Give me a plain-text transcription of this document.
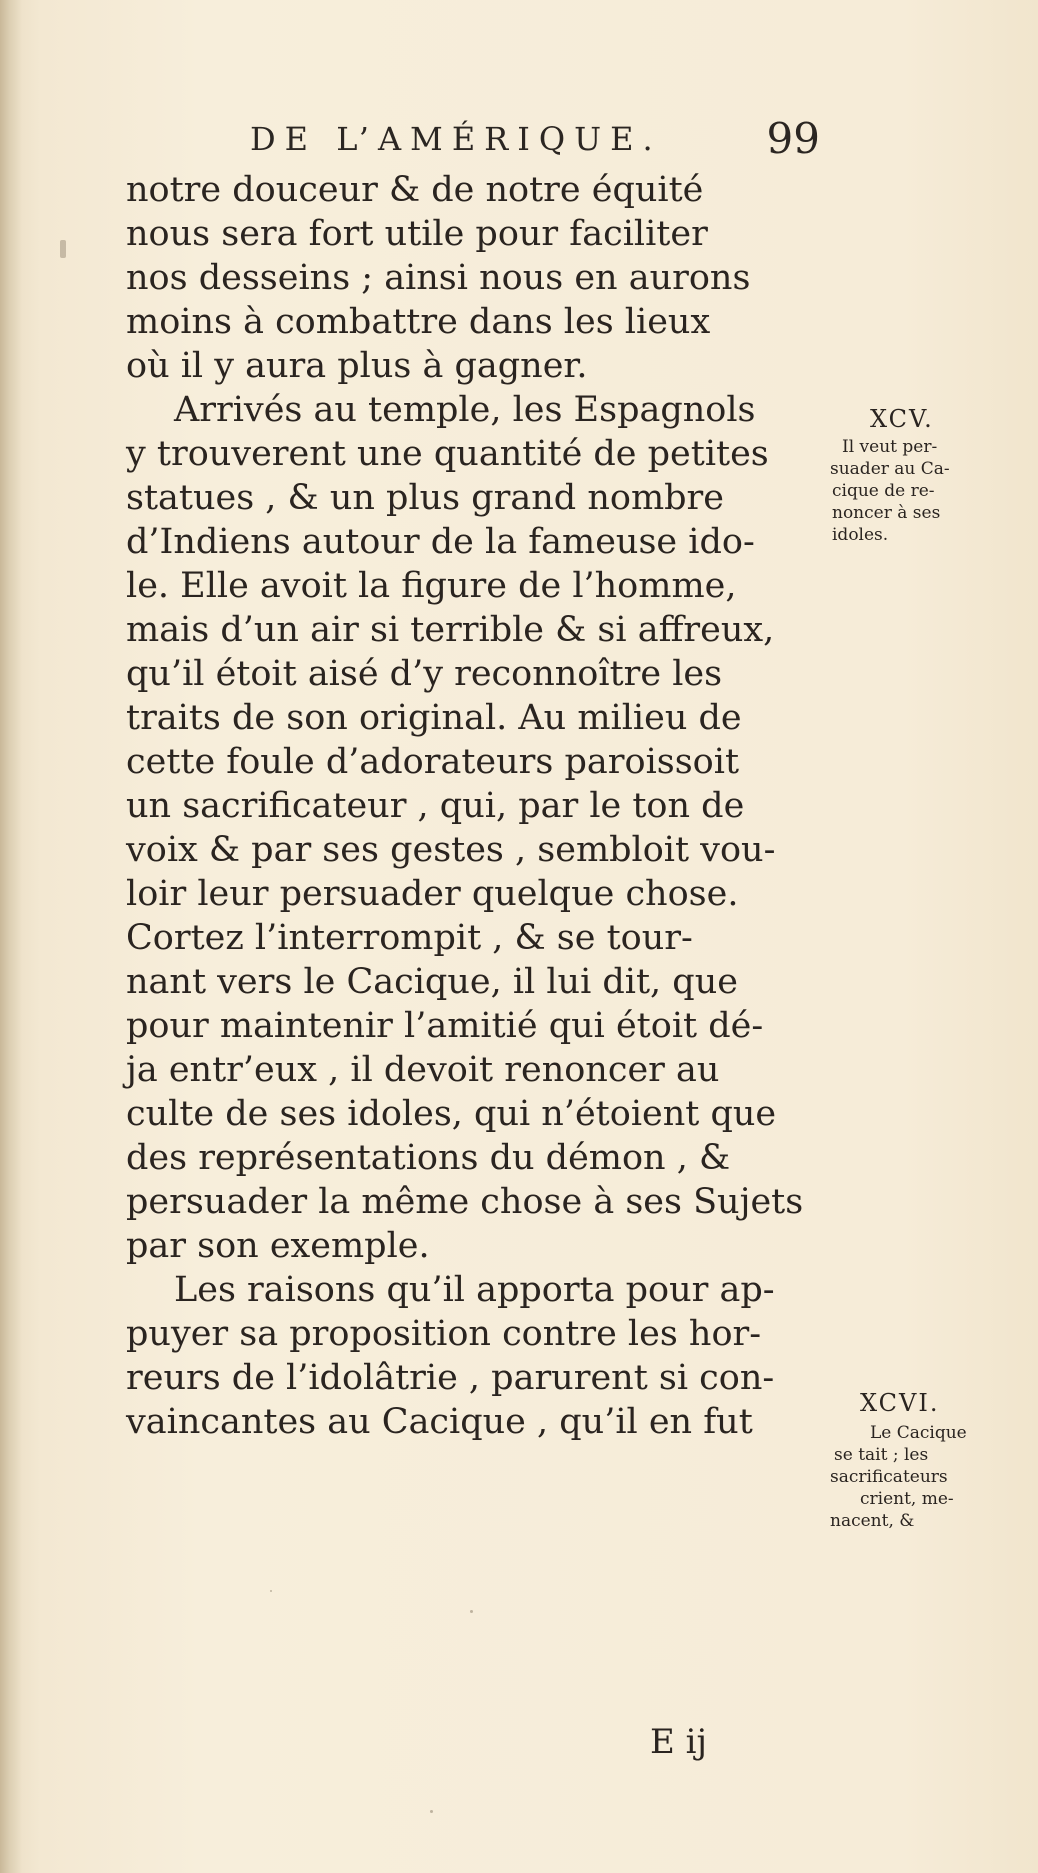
DE L’AMÉRIQUE. 99
notre douceur & de notre équité
nous sera fort utile pour faciliter
nos desseins ; ainsi nous en aurons
moins à combattre dans les lieux
où il y aura plus à gagner.
Arrivés au temple, les Espagnols
y trouverent une quantité de petites
statues , & un plus grand nombre
d’Indiens autour de la fameuse ido-
le. Elle avoit la figure de l’homme,
mais d’un air si terrible & si affreux,
qu’il étoit aisé d’y reconnoître les
traits de son original. Au milieu de
cette foule d’adorateurs paroissoit
un sacrificateur , qui, par le ton de
voix & par ses gestes , sembloit vou-
loir leur persuader quelque chose.
Cortez l’interrompit , & se tour-
nant vers le Cacique, il lui dit, que
pour maintenir l’amitié qui étoit dé-
ja entr’eux , il devoit renoncer au
culte de ses idoles, qui n’étoient que
des représentations du démon , &
persuader la même chose à ses Sujets
par son exemple.
Les raisons qu’il apporta pour ap-
puyer sa proposition contre les hor-
reurs de l’idolâtrie , parurent si con-
vaincantes au Cacique , qu’il en fut
XCV.
Il veut per-
suader au Ca-
cique de re-
noncer à ses
idoles.
XCVI.
Le Cacique
se tait ; les
sacrificateurs
crient, me-
nacent, &
E ij
